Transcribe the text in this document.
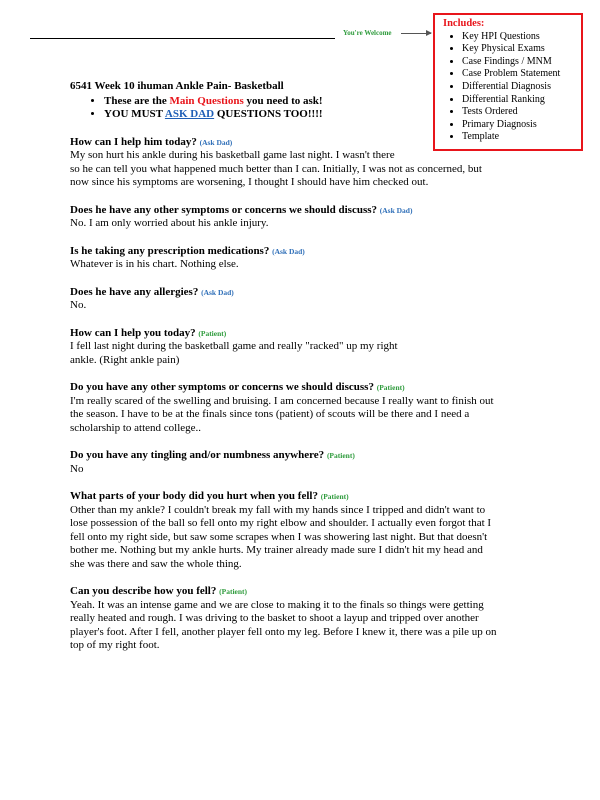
You're Welcome
Includes:
• Key HPI Questions
• Key Physical Exams
• Case Findings / MNM
• Case Problem Statement
• Differential Diagnosis
• Differential Ranking
• Tests Ordered
• Primary Diagnosis
• Template
6541 Week 10 ihuman Ankle Pain- Basketball
• These are the Main Questions you need to ask!
• YOU MUST ASK DAD QUESTIONS TOO!!!!
How can I help him today? (Ask Dad)
My son hurt his ankle during his basketball game last night. I wasn't there
so he can tell you what happened much better than I can. Initially, I was not as concerned, but
now since his symptoms are worsening, I thought I should have him checked out.
Does he have any other symptoms or concerns we should discuss? (Ask Dad)
No. I am only worried about his ankle injury.
Is he taking any prescription medications? (Ask Dad)
Whatever is in his chart. Nothing else.
Does he have any allergies? (Ask Dad)
No.
How can I help you today? (Patient)
I fell last night during the basketball game and really "racked" up my right
ankle. (Right ankle pain)
Do you have any other symptoms or concerns we should discuss? (Patient)
I'm really scared of the swelling and bruising. I am concerned because I really want to finish out
the season. I have to be at the finals since tons (patient) of scouts will be there and I need a
scholarship to attend college..
Do you have any tingling and/or numbness anywhere? (Patient)
No
What parts of your body did you hurt when you fell? (Patient)
Other than my ankle? I couldn't break my fall with my hands since I tripped and didn't want to
lose possession of the ball so fell onto my right elbow and shoulder. I actually even forgot that I
fell onto my right side, but saw some scrapes when I was showering last night. But that doesn't
bother me. Nothing but my ankle hurts. My trainer already made sure I didn't hit my head and
she was there and saw the whole thing.
Can you describe how you fell? (Patient)
Yeah. It was an intense game and we are close to making it to the finals so things were getting
really heated and rough. I was driving to the basket to shoot a layup and tripped over another
player's foot. After I fell, another player fell onto my leg. Before I knew it, there was a pile up on
top of my right foot.
